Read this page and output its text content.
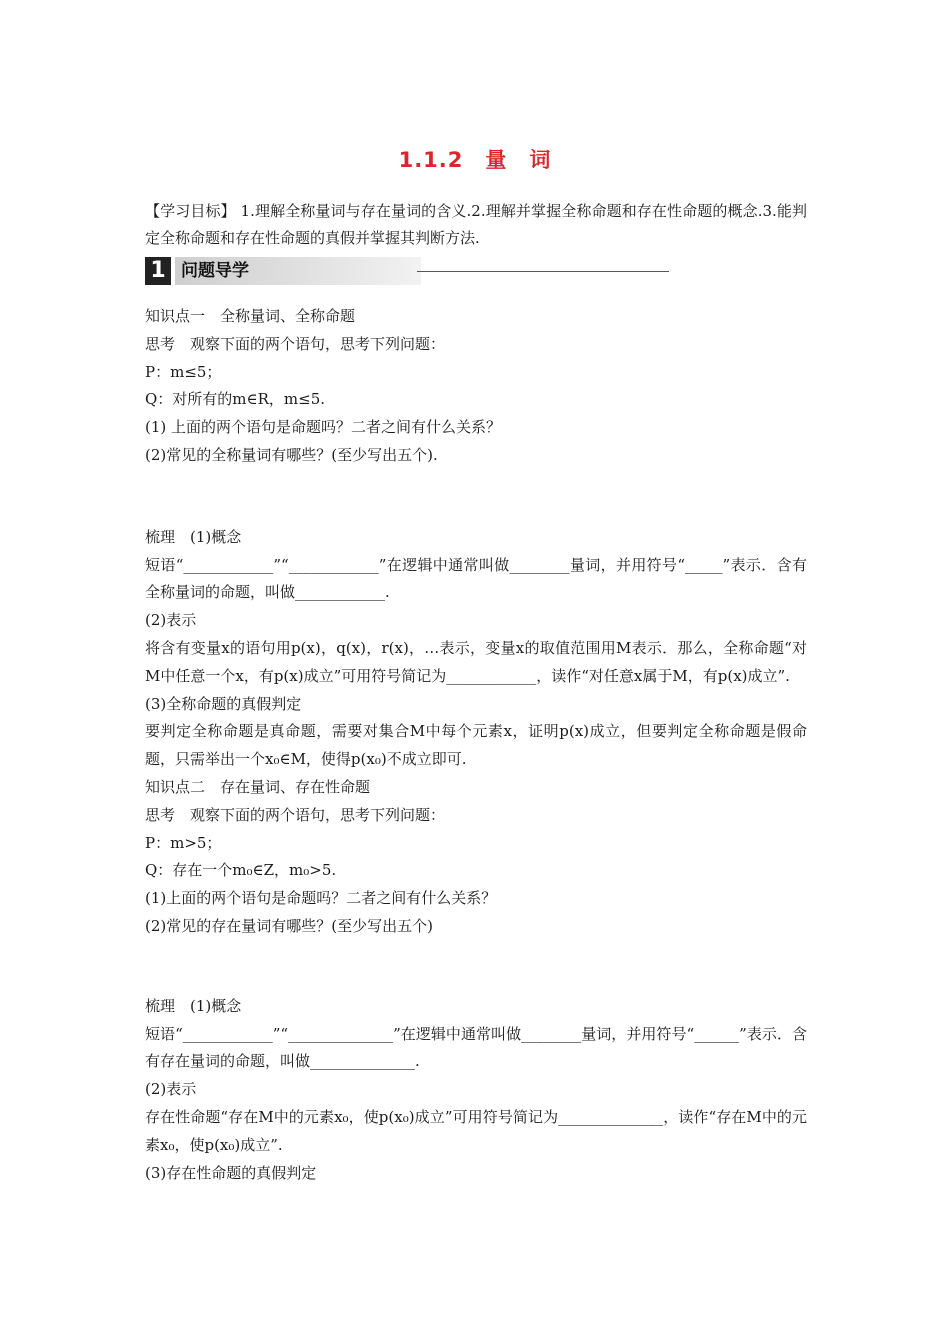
1.1.2　量　词
【学习目标】 1.理解全称量词与存在量词的含义.2.理解并掌握全称命题和存在性命题的概念.3.能判定全称命题和存在性命题的真假并掌握其判断方法.
1 问题导学
知识点一　全称量词、全称命题
思考　观察下面的两个语句，思考下列问题：
P：m≤5；
Q：对所有的m∈R，m≤5.
(1) 上面的两个语句是命题吗？二者之间有什么关系？
(2)常见的全称量词有哪些？(至少写出五个).
梳理　(1)概念
短语“____________”“____________”在逻辑中通常叫做________量词，并用符号“_____”表示．含有全称量词的命题，叫做____________.
(2)表示
将含有变量x的语句用p(x)，q(x)，r(x)，…表示，变量x的取值范围用M表示．那么，全称命题“对M中任意一个x，有p(x)成立”可用符号简记为____________，读作“对任意x属于M，有p(x)成立”.
(3)全称命题的真假判定
要判定全称命题是真命题，需要对集合M中每个元素x，证明p(x)成立，但要判定全称命题是假命题，只需举出一个x₀∈M，使得p(x₀)不成立即可.
知识点二　存在量词、存在性命题
思考　观察下面的两个语句，思考下列问题：
P：m>5；
Q：存在一个m₀∈Z，m₀>5.
(1)上面的两个语句是命题吗？二者之间有什么关系？
(2)常见的存在量词有哪些？(至少写出五个)
梳理　(1)概念
短语“____________”“______________”在逻辑中通常叫做________量词，并用符号“______”表示．含有存在量词的命题，叫做______________.
(2)表示
存在性命题“存在M中的元素x₀，使p(x₀)成立”可用符号简记为______________，读作“存在M中的元素x₀，使p(x₀)成立”.
(3)存在性命题的真假判定
